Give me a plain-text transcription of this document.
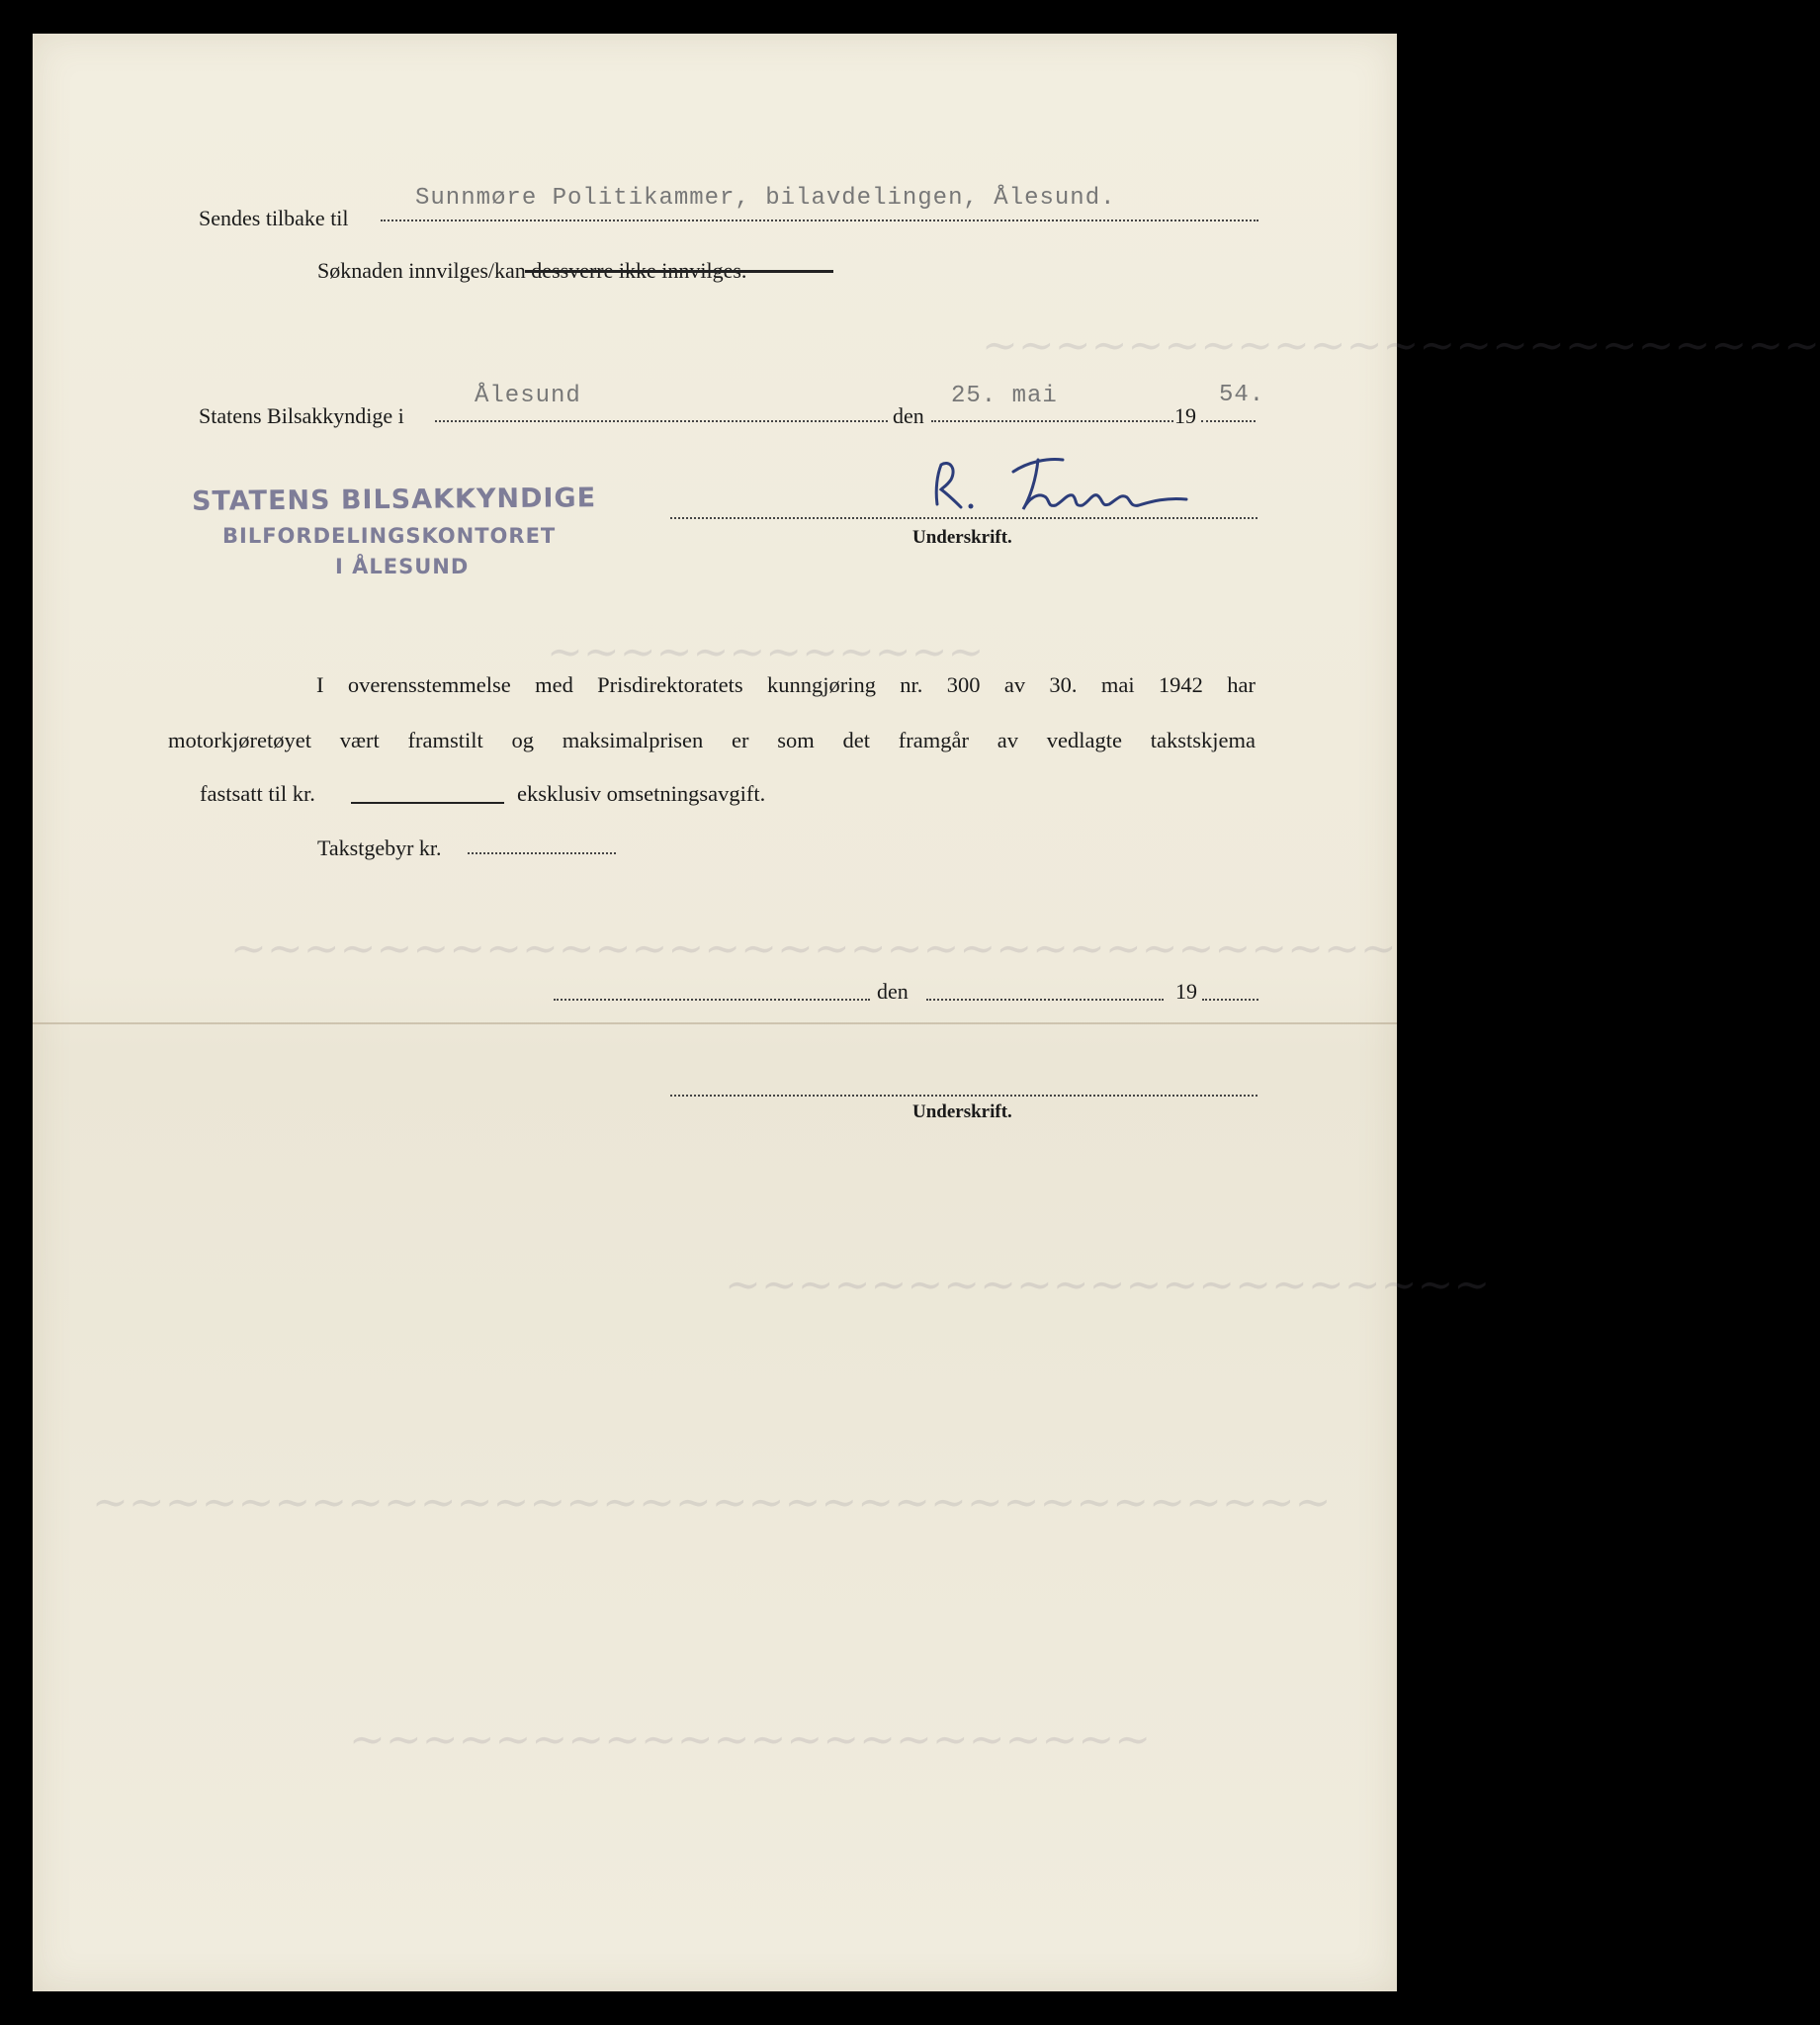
~~~~~~~~~~~~~~~~~~~~~~~
~~~~~~~~~~~~
~~~~~~~~~~~~~~~~~~~~~~~~~~~~~~~~
~~~~~~~~~~~~~~~~~~~~~
~~~~~~~~~~~~~~~~~~~~~~~~~~~~~~~~~~
~~~~~~~~~~~~~~~~~~~~~~
Sendes tilbake til
Sunnmøre Politikammer, bilavdelingen, Ålesund.
Søknaden innvilges/kan dessverre ikke innvilges.
Statens Bilsakkyndige i
Ålesund
den
25. mai
19
54.
STATENS BILSAKKYNDIGE
BILFORDELINGSKONTORET
I ÅLESUND
Underskrift.
I overensstemmelse med Prisdirektoratets kunngjøring nr. 300 av 30. mai 1942 har
motorkjøretøyet vært framstilt og maksimalprisen er som det framgår av vedlagte takstskjema
fastsatt til kr.	eksklusiv omsetningsavgift.
Takstgebyr kr.
den	19
Underskrift.
